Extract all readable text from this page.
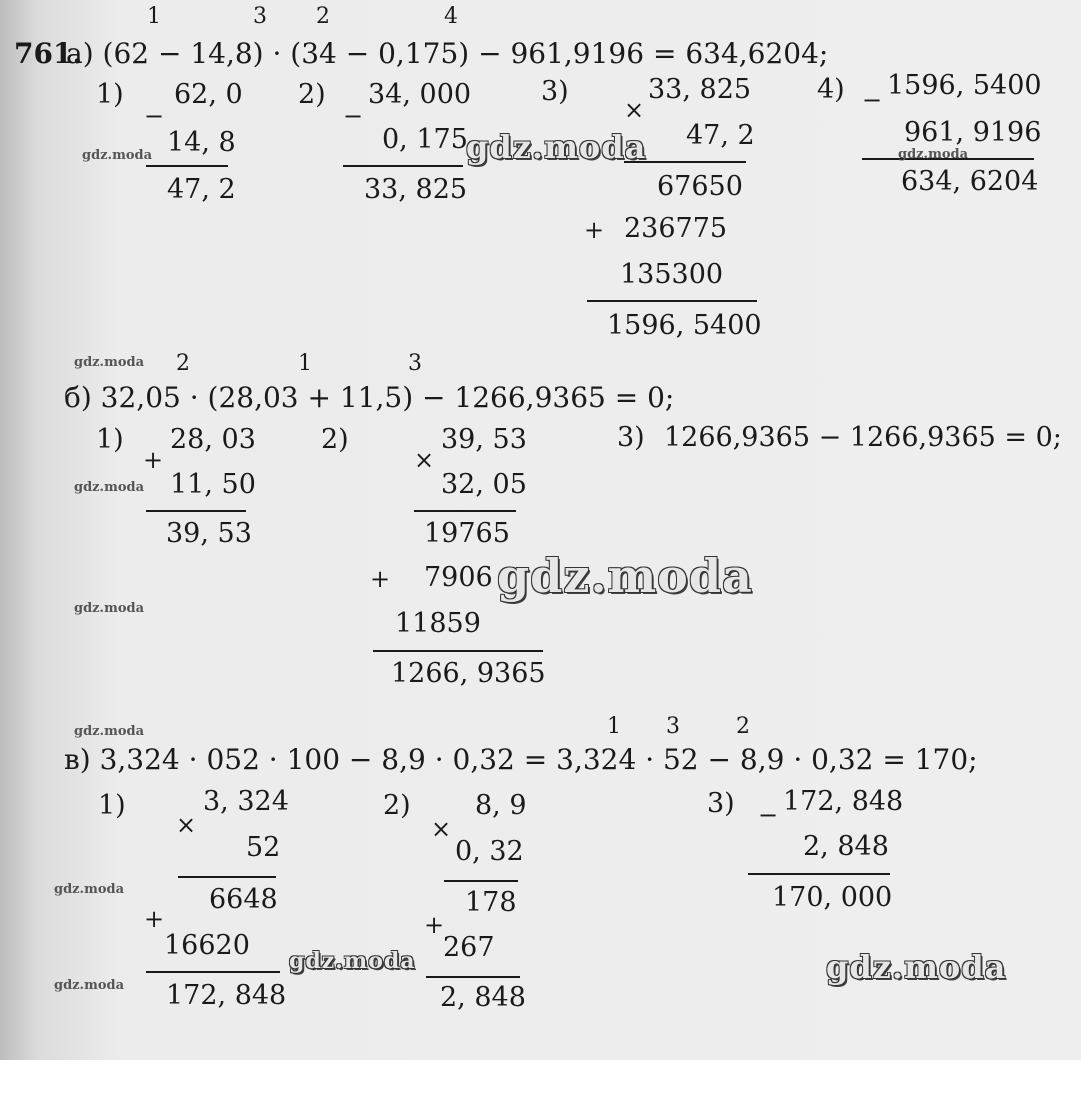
1	3 2	4
761.
а) (62 − 14,8) · (34 − 0,175) − 961,9196 = 634,6204;
1) 62, 0
−
14, 8
47, 2
2) 34, 000
−
0, 175
33, 825
3)	33, 825
×
47, 2
67650
+ 236775
135300
1596, 5400
4) − 1596, 5400
961, 9196
634, 6204
2	1	3
б) 32,05 · (28,03 + 11,5) − 1266,9365 = 0;
1) 28, 03
+
11, 50
39, 53
2)	39, 53
×
32, 05
19765
+ 7906
11859
1266, 9365
3) 1266,9365 − 1266,9365 = 0;
1 3	2
в) 3,324 · 052 · 100 − 8,9 · 0,32 = 3,324 · 52 − 8,9 · 0,32 = 170;
1)	3, 324
×
52
6648
+
16620
172, 848
2) 8, 9
×
0, 32
178
+
267
2, 848
3) − 172, 848
2, 848
170, 000
gdz.moda	gdz.moda
gdz.moda
gdz.moda
gdz.moda
gdz.moda
gdz.moda
gdz.moda
gdz.moda
gdz.moda
gdz.moda	gdz.moda
